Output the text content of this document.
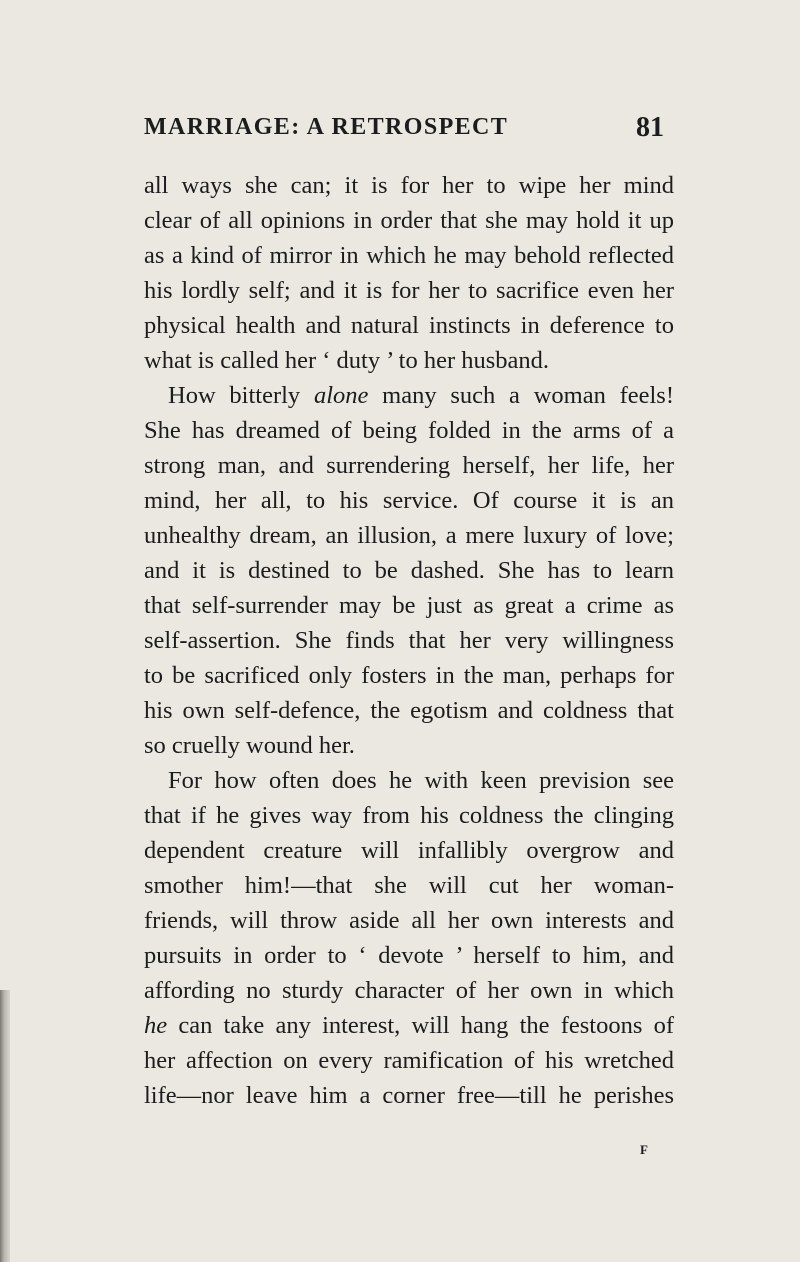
MARRIAGE: A RETROSPECT	81
all ways she can; it is for her to wipe her mind
clear of all opinions in order that she may hold it up
as a kind of mirror in which he may behold reflected
his lordly self; and it is for her to sacrifice even her
physical health and natural instincts in deference to
what is called her ‘ duty ’ to her husband.
How bitterly alone many such a woman feels!
She has dreamed of being folded in the arms of a
strong man, and surrendering herself, her life, her
mind, her all, to his service. Of course it is an
unhealthy dream, an illusion, a mere luxury of love;
and it is destined to be dashed. She has to learn
that self-surrender may be just as great a crime as
self-assertion. She finds that her very willingness
to be sacrificed only fosters in the man, perhaps for
his own self-defence, the egotism and coldness that
so cruelly wound her.
For how often does he with keen prevision see
that if he gives way from his coldness the clinging
dependent creature will infallibly overgrow and
smother him!—that she will cut her woman-
friends, will throw aside all her own interests and
pursuits in order to ‘ devote ’ herself to him, and
affording no sturdy character of her own in which
he can take any interest, will hang the festoons of
her affection on every ramification of his wretched
life—nor leave him a corner free—till he perishes
F
